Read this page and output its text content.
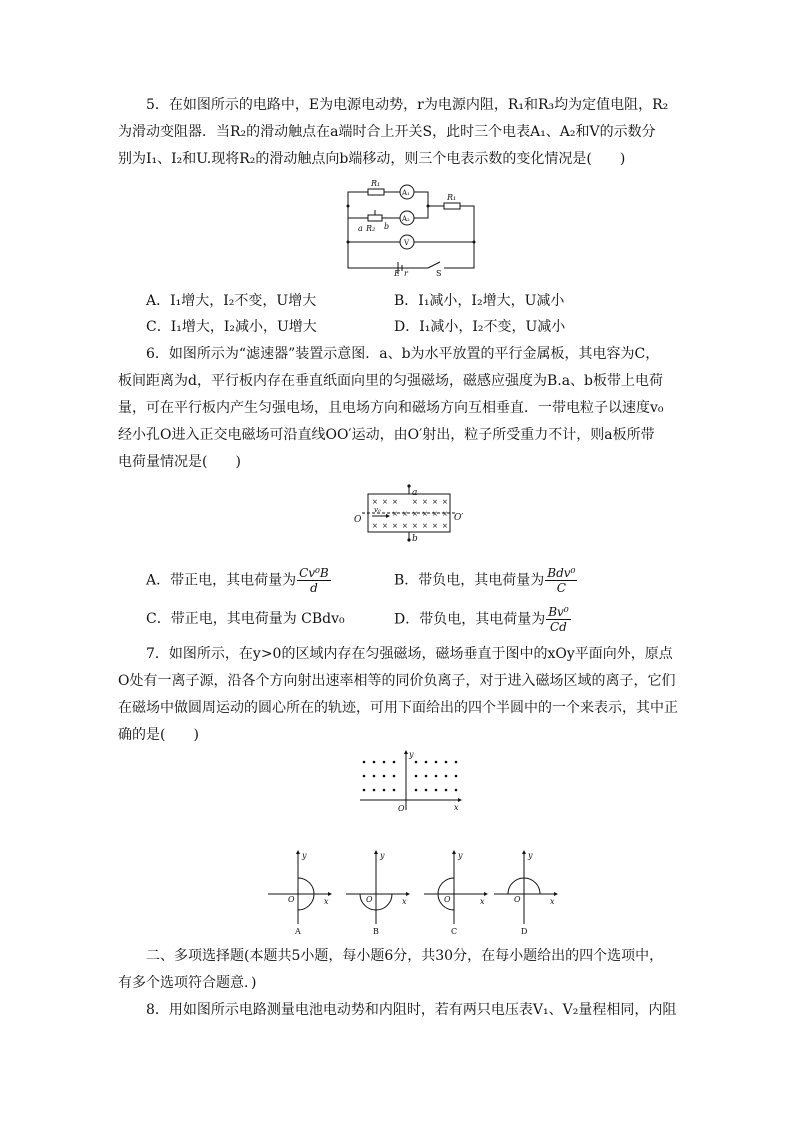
5．在如图所示的电路中，E为电源电动势，r为电源内阻，R₁和R₃均为定值电阻，R₂
为滑动变阻器．当R₂的滑动触点在a端时合上开关S，此时三个电表A₁、A₂和V的示数分
别为I₁、I₂和U.现将R₂的滑动触点向b端移动，则三个电表示数的变化情况是(　　)
R₁
A₁	R₁
A₂
a R₂ b
V
E r	S
A．I₁增大，I₂不变，U增大	B．I₁减小，I₂增大，U减小
C．I₁增大，I₂减小，U增大	D．I₁减小，I₂不变，U减小
6．如图所示为“滤速器”装置示意图．a、b为水平放置的平行金属板，其电容为C，
板间距离为d，平行板内存在垂直纸面向里的匀强磁场，磁感应强度为B.a、b板带上电荷
量，可在平行板内产生匀强电场，且电场方向和磁场方向互相垂直．一带电粒子以速度v₀
经小孔O进入正交电磁场可沿直线OO′运动，由O′射出，粒子所受重力不计，则a板所带
电荷量情况是(　　)
× × × × × × ×
× × × × × ×
× × × × × × × ×
a
b
O	O′
v₀
A．带正电，其电荷量为 $\frac{\text{Cv⁰B}}{d}$	B．带负电，其电荷量为 $\frac{\text{Bdv⁰}}{C}$
C．带正电，其电荷量为 CBdv₀	D．带负电，其电荷量为 $\frac{\text{Bv⁰}}{Cd}$
7．如图所示，在y>0的区域内存在匀强磁场，磁场垂直于图中的xOy平面向外，原点
O处有一离子源，沿各个方向射出速率相等的同价负离子，对于进入磁场区域的离子，它们
在磁场中做圆周运动的圆心所在的轨迹，可用下面给出的四个半圆中的一个来表示，其中正
确的是(　　)
y
x
O
y
x
O
y
x
O
y
x
O
y
x
O
A	B	C	D
二、多项选择题(本题共5小题，每小题6分，共30分，在每小题给出的四个选项中，
有多个选项符合题意．)
8．用如图所示电路测量电池电动势和内阻时，若有两只电压表V₁、V₂量程相同，内阻
